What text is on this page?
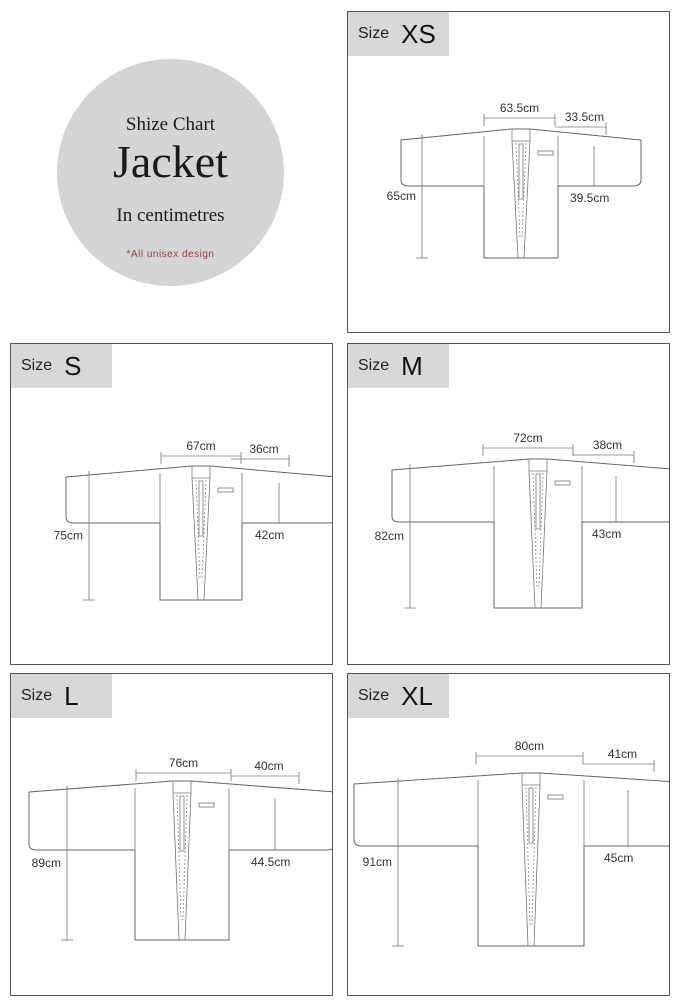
Shize Chart
Jacket
In centimetres
*All unisex design
Size XS
63.5cm
33.5cm
65cm	39.5cm
Size S
67cm	36cm
75cm	42cm
Size M
72cm	38cm
82cm	43cm
Size L
76cm	40cm
89cm	44.5cm
Size XL
80cm
41cm
91cm	45cm
